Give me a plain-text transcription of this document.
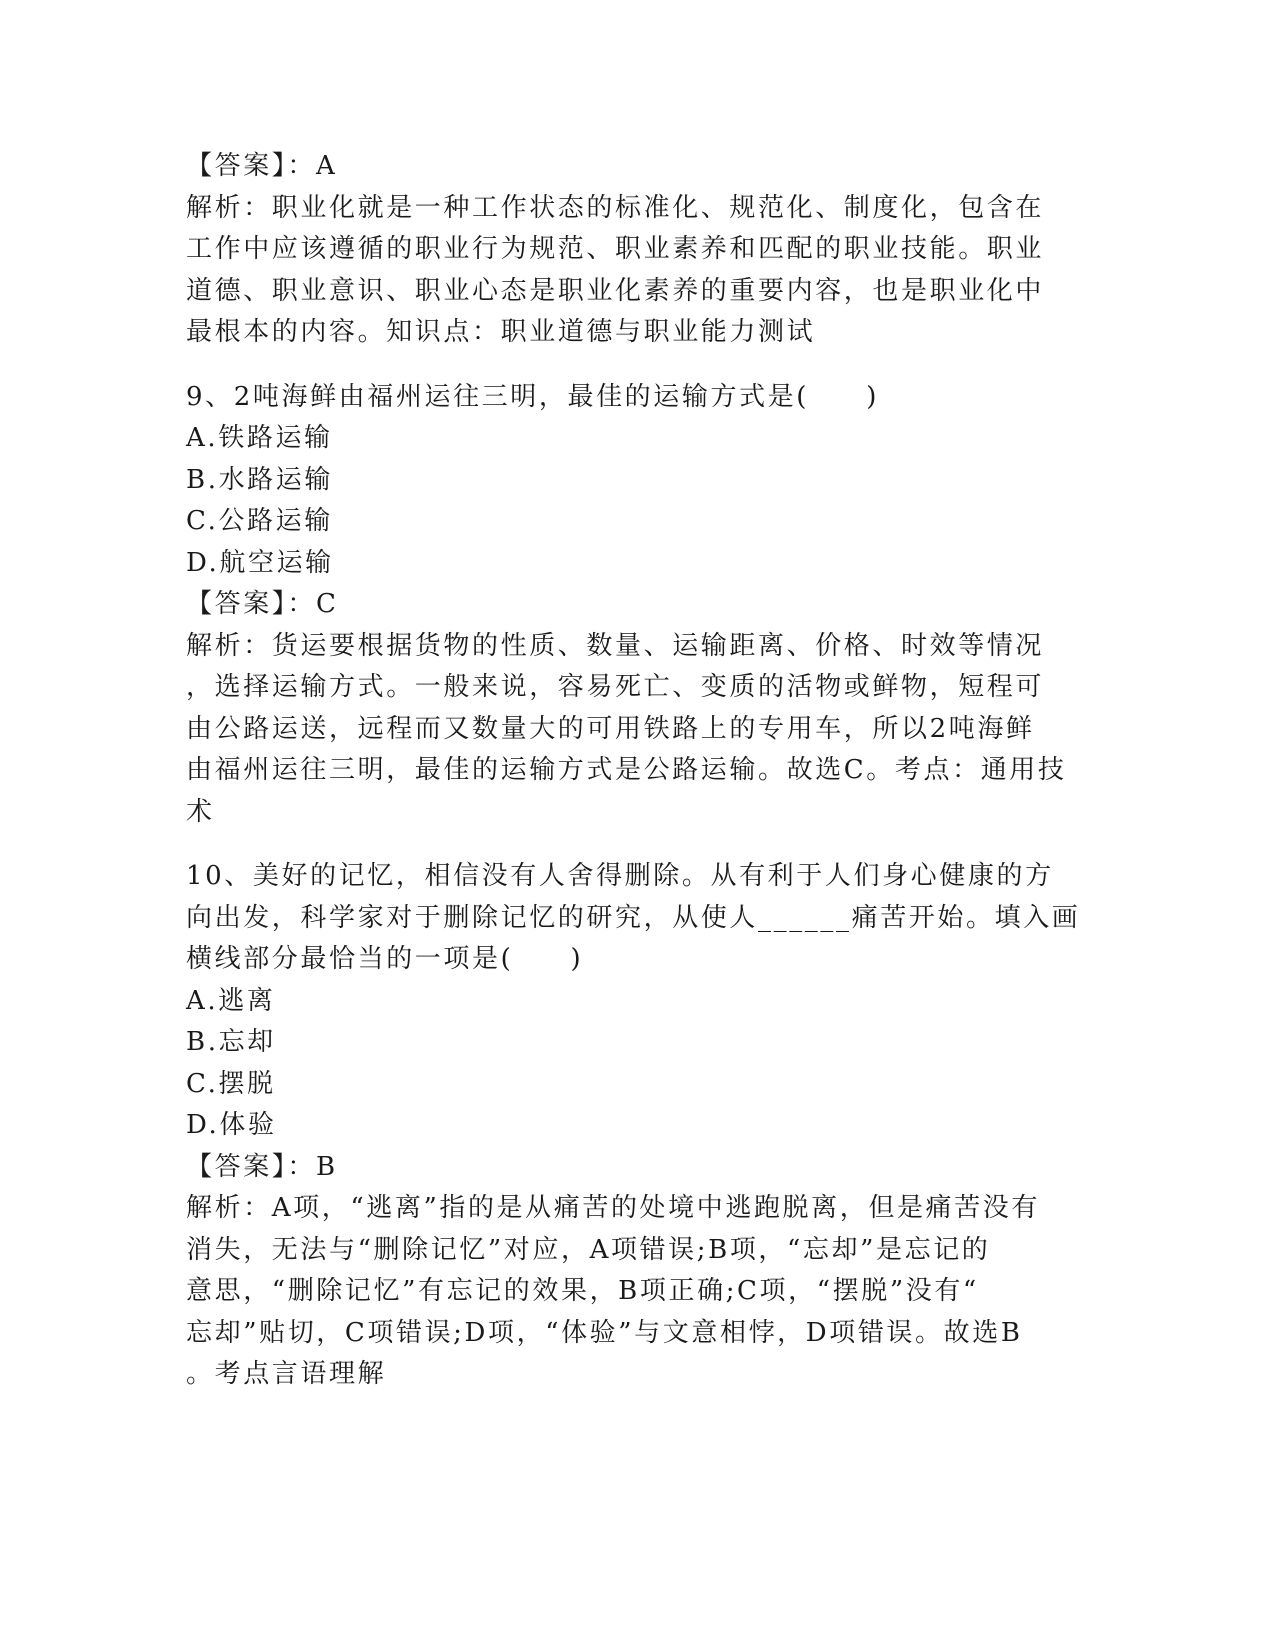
【答案】：A
解析：职业化就是一种工作状态的标准化、规范化、制度化，包含在
工作中应该遵循的职业行为规范、职业素养和匹配的职业技能。职业
道德、职业意识、职业心态是职业化素养的重要内容，也是职业化中
最根本的内容。知识点：职业道德与职业能力测试
9、2吨海鲜由福州运往三明，最佳的运输方式是(　　)
A.铁路运输
B.水路运输
C.公路运输
D.航空运输
【答案】：C
解析：货运要根据货物的性质、数量、运输距离、价格、时效等情况
，选择运输方式。一般来说，容易死亡、变质的活物或鲜物，短程可
由公路运送，远程而又数量大的可用铁路上的专用车，所以2吨海鲜
由福州运往三明，最佳的运输方式是公路运输。故选C。考点：通用技
术
10、美好的记忆，相信没有人舍得删除。从有利于人们身心健康的方
向出发，科学家对于删除记忆的研究，从使人______痛苦开始。填入画
横线部分最恰当的一项是(　　)
A.逃离
B.忘却
C.摆脱
D.体验
【答案】：B
解析：A项，“逃离”指的是从痛苦的处境中逃跑脱离，但是痛苦没有
消失，无法与“删除记忆”对应，A项错误;B项，“忘却”是忘记的
意思，“删除记忆”有忘记的效果，B项正确;C项，“摆脱”没有“
忘却”贴切，C项错误;D项，“体验”与文意相悖，D项错误。故选B
。考点言语理解
